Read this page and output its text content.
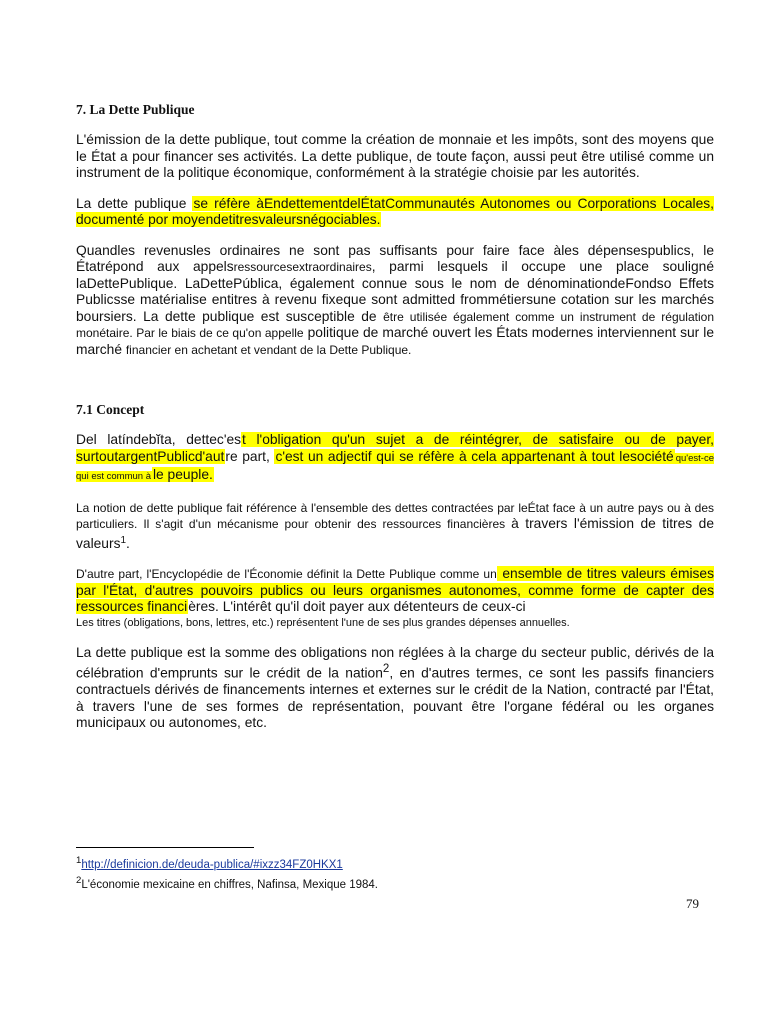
7. La Dette Publique

L'émission de la dette publique, tout comme la création de monnaie et les impôts, sont des moyens que le État a pour financer ses activités. La dette publique, de toute façon, aussi peut être utilisé comme un instrument de la politique économique, conformément à la stratégie choisie par les autorités.

La dette publique se réfère àEndettementdelÉtatCommunautés Autonomes ou Corporations Locales, documenté por moyendetitresvaleursnégociables.

Quandles revenusles ordinaires ne sont pas suffisants pour faire face àles dépensespublics, le Étatrépond aux appelsressourcesextraordinaires, parmi lesquels il occupe une place souligné laDettePublique. LaDettePública, également connue sous le nom de dénominationdeFondso Effets Publicsse matérialise entitres à revenu fixeque sont admitted frommétiersune cotation sur les marchés boursiers. La dette publique est susceptible de être utilisée également comme un instrument de régulation monétaire. Par le biais de ce qu'on appelle politique de marché ouvert les États modernes interviennent sur le marché financier en achetant et vendant de la Dette Publique.

7.1 Concept

Del latíndebĭta, dettec'est l'obligation qu'un sujet a de réintégrer, de satisfaire ou de payer, surtoutargentPublicd'autre part, c'est un adjectif qui se réfère à cela appartenant à tout lesociété qu'est-ce qui est commun à le peuple.

La notion de dette publique fait référence à l'ensemble des dettes contractées par leÉtat face à un autre pays ou à des particuliers. Il s'agit d'un mécanisme pour obtenir des ressources financières à travers l'émission de titres de valeurs$^1$.

D'autre part, l'Encyclopédie de l'Économie définit la Dette Publique comme un ensemble de titres valeurs émises par l'État, d'autres pouvoirs publics ou leurs organismes autonomes, comme forme de capter des ressources financières. L'intérêt qu'il doit payer aux détenteurs de ceux-ci
Les titres (obligations, bons, lettres, etc.) représentent l'une de ses plus grandes dépenses annuelles.

La dette publique est la somme des obligations non réglées à la charge du secteur public, dérivés de la célébration d'emprunts sur le crédit de la nation$^2$, en d'autres termes, ce sont les passifs financiers contractuels dérivés de financements internes et externes sur le crédit de la Nation, contracté par l'État, à travers l'une de ses formes de représentation, pouvant être l'organe fédéral ou les organes municipaux ou autonomes, etc.

$^1$http://definicion.de/deuda-publica/#ixzz34FZ0HKX1
$^2$L'économie mexicaine en chiffres, Nafinsa, Mexique 1984.
79
